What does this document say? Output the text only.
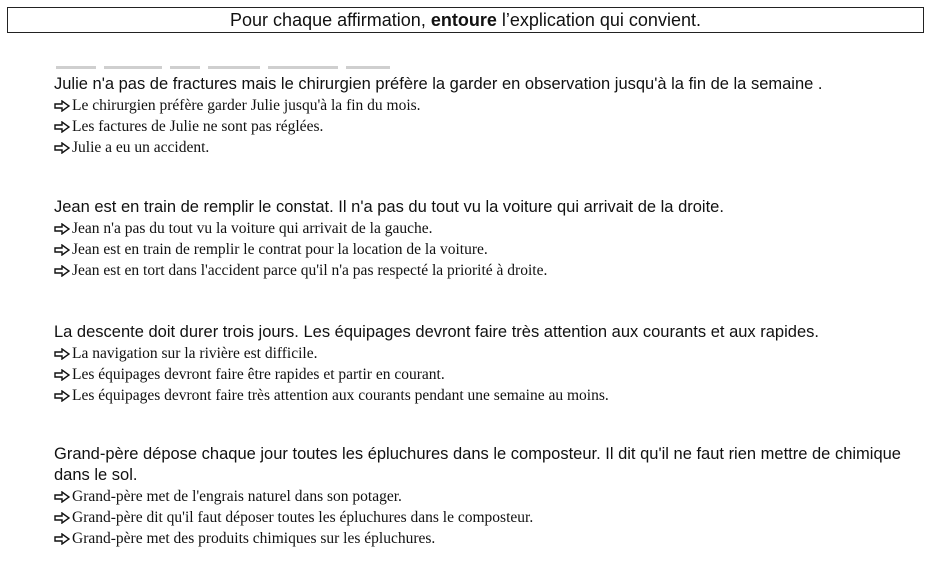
Pour chaque affirmation, entoure l’explication qui convient.

Julie n'a pas de fractures mais le chirurgien préfère la garder en observation jusqu'à la fin de la semaine .

Le chirurgien préfère garder Julie jusqu'à la fin du mois.
Les factures de Julie ne sont pas réglées.
Julie a eu un accident.

Jean est en train de remplir le constat. Il n'a pas du tout vu la voiture qui arrivait de la droite.

Jean n'a pas du tout vu la voiture qui arrivait de la gauche.
Jean est en train de remplir le contrat pour la location de la voiture.
Jean est en tort dans l'accident parce qu'il n'a pas respecté la priorité à droite.

La descente doit durer trois jours. Les équipages devront faire très attention aux courants et aux rapides.

La navigation sur la rivière est difficile.
Les équipages devront faire être rapides et partir en courant.
Les équipages devront faire très attention aux courants pendant une semaine au moins.

Grand-père dépose chaque jour toutes les épluchures dans le composteur. Il dit qu'il ne faut rien mettre de chimique dans le sol.

Grand-père met de l'engrais naturel dans son potager.
Grand-père dit qu'il faut déposer toutes les épluchures dans le composteur.
Grand-père met des produits chimiques sur les épluchures.
